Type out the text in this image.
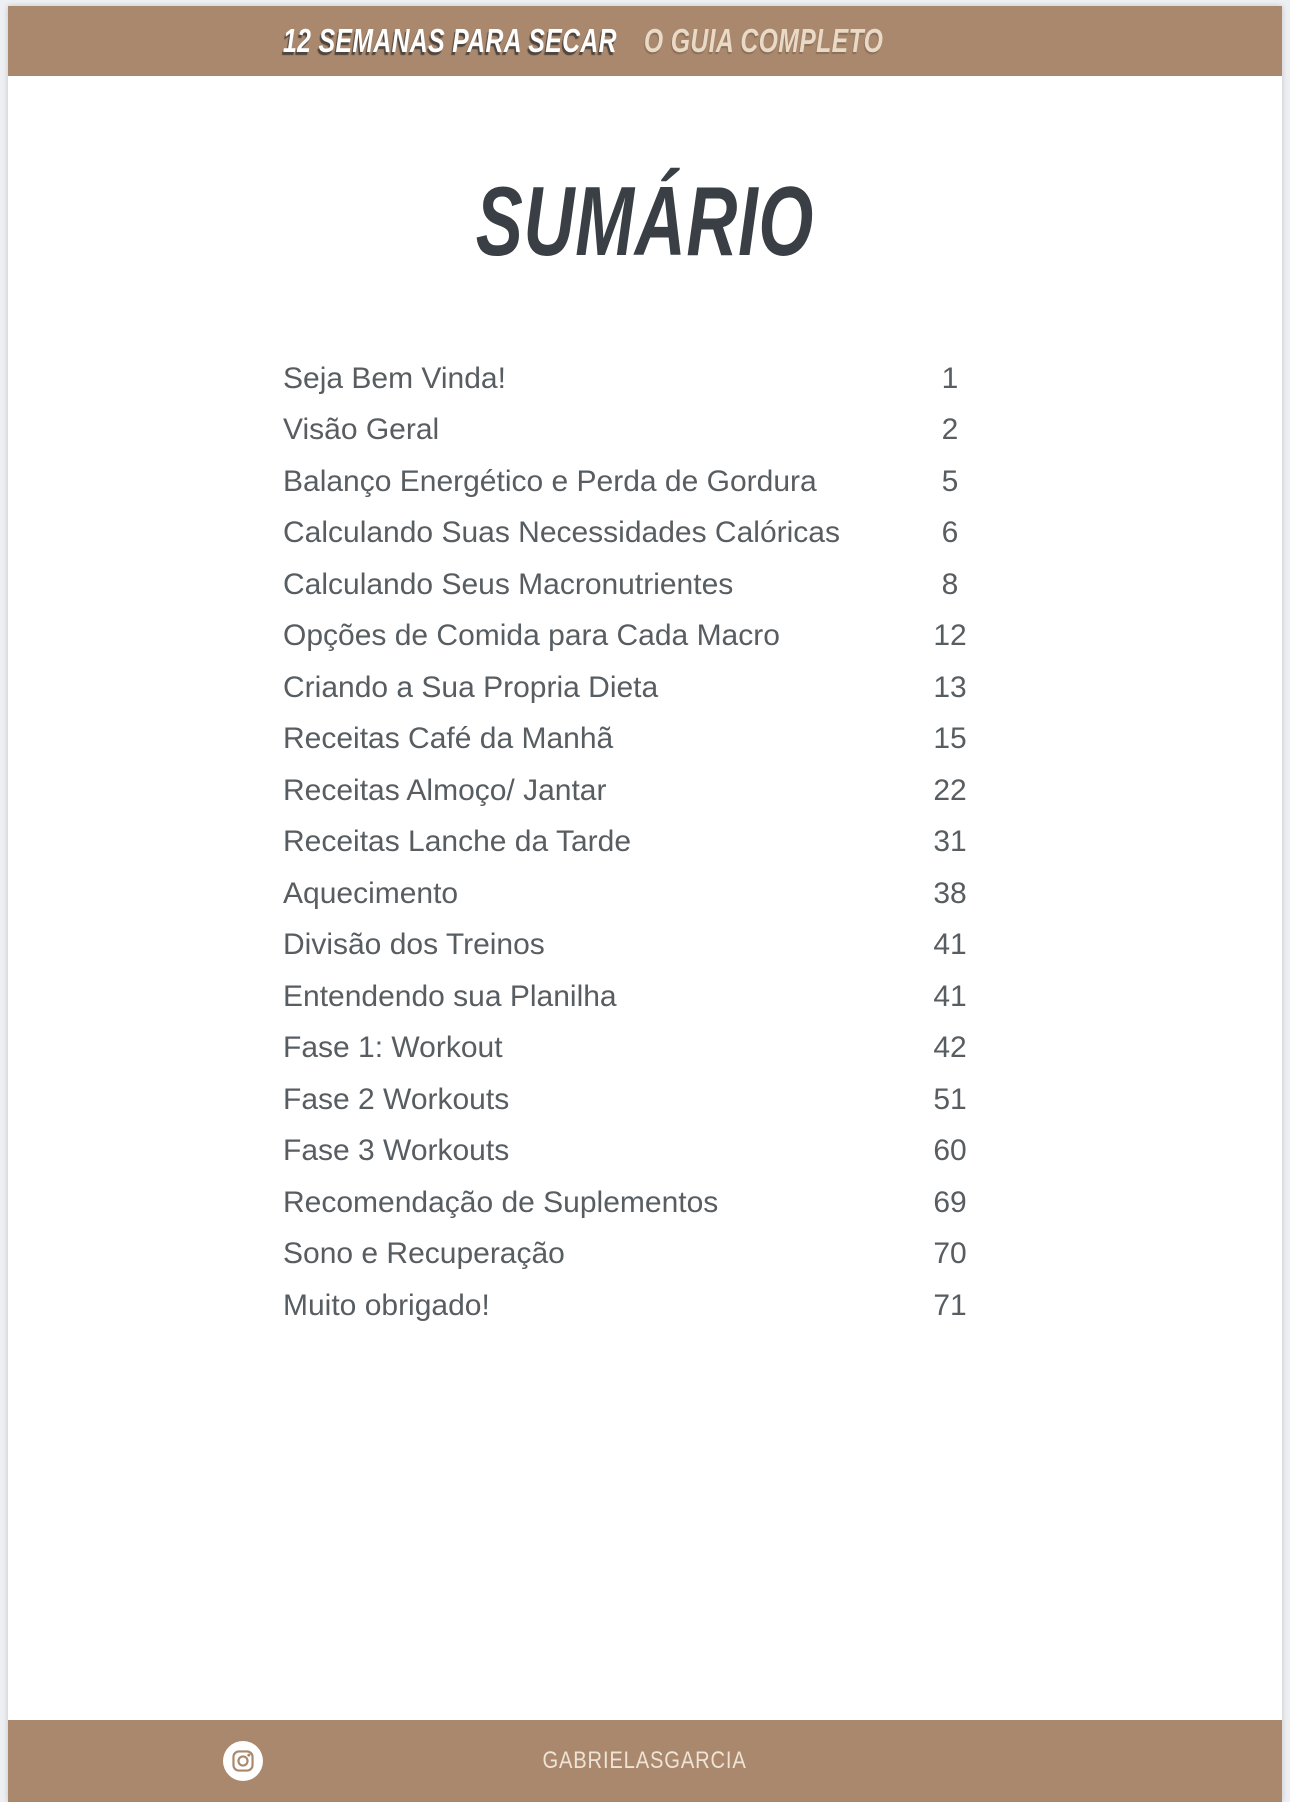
12 SEMANAS PARA SECAR O GUIA COMPLETO
SUMÁRIO
Seja Bem Vinda!	1
Visão Geral	2
Balanço Energético e Perda de Gordura	5
Calculando Suas Necessidades Calóricas	6
Calculando Seus Macronutrientes	8
Opções de Comida para Cada Macro	12
Criando a Sua Propria Dieta	13
Receitas Café da Manhã	15
Receitas Almoço/ Jantar	22
Receitas Lanche da Tarde	31
Aquecimento	38
Divisão dos Treinos	41
Entendendo sua Planilha	41
Fase 1: Workout	42
Fase 2 Workouts	51
Fase 3 Workouts	60
Recomendação de Suplementos	69
Sono e Recuperação	70
Muito obrigado!	71
GABRIELASGARCIA
